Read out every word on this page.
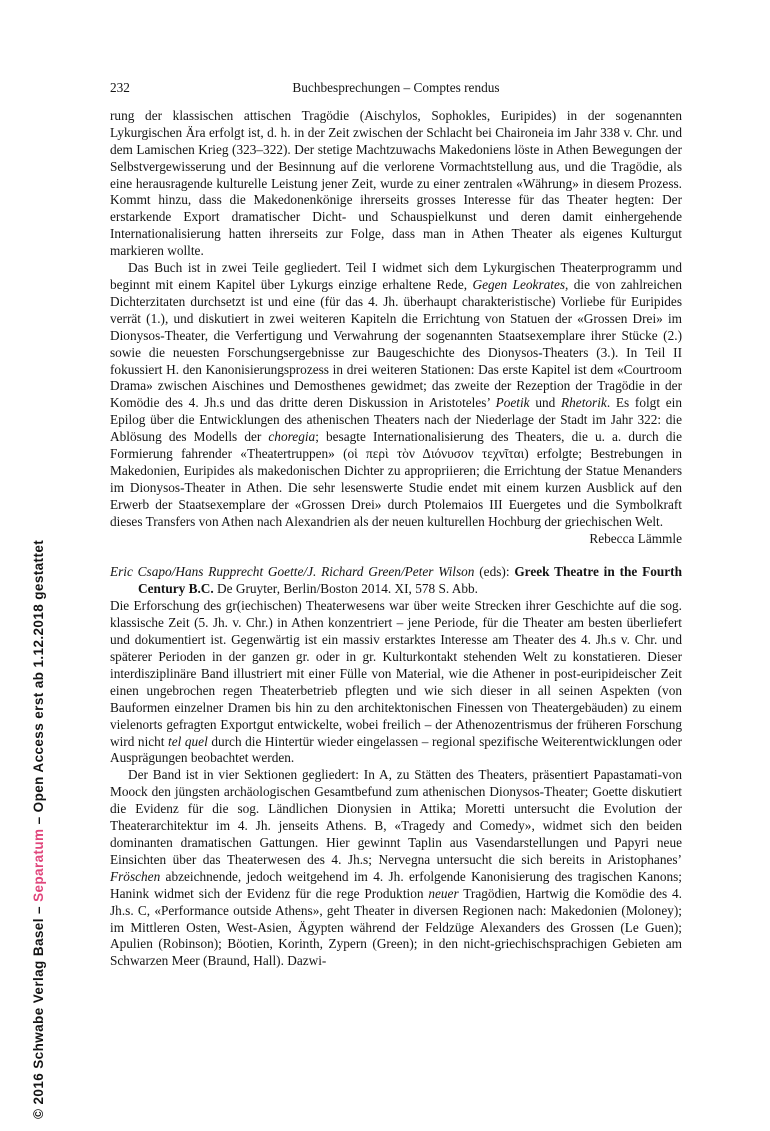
© 2016 Schwabe Verlag Basel – Separatum – Open Access erst ab 1.12.2018 gestattet
232	Buchbesprechungen – Comptes rendus

rung der klassischen attischen Tragödie (Aischylos, Sophokles, Euripides) in der sogenannten Lykurgischen Ära erfolgt ist, d. h. in der Zeit zwischen der Schlacht bei Chaironeia im Jahr 338 v. Chr. und dem Lamischen Krieg (323–322). Der stetige Machtzuwachs Makedoniens löste in Athen Bewegungen der Selbstvergewisserung und der Besinnung auf die verlorene Vormachtstellung aus, und die Tragödie, als eine herausragende kulturelle Leistung jener Zeit, wurde zu einer zentralen «Währung» in diesem Prozess. Kommt hinzu, dass die Makedonenkönige ihrerseits grosses Interesse für das Theater hegten: Der erstarkende Export dramatischer Dicht- und Schauspielkunst und deren damit einhergehende Internationalisierung hatten ihrerseits zur Folge, dass man in Athen Theater als eigenes Kulturgut markieren wollte.

Das Buch ist in zwei Teile gegliedert. Teil I widmet sich dem Lykurgischen Theaterprogramm und beginnt mit einem Kapitel über Lykurgs einzige erhaltene Rede, Gegen Leokrates, die von zahlreichen Dichterzitaten durchsetzt ist und eine (für das 4. Jh. überhaupt charakteristische) Vorliebe für Euripides verrät (1.), und diskutiert in zwei weiteren Kapiteln die Errichtung von Statuen der «Grossen Drei» im Dionysos-Theater, die Verfertigung und Verwahrung der sogenannten Staatsexemplare ihrer Stücke (2.) sowie die neuesten Forschungsergebnisse zur Baugeschichte des Dionysos-Theaters (3.). In Teil II fokussiert H. den Kanonisierungsprozess in drei weiteren Stationen: Das erste Kapitel ist dem «Courtroom Drama» zwischen Aischines und Demosthenes gewidmet; das zweite der Rezeption der Tragödie in der Komödie des 4. Jh.s und das dritte deren Diskussion in Aristoteles’ Poetik und Rhetorik. Es folgt ein Epilog über die Entwicklungen des athenischen Theaters nach der Niederlage der Stadt im Jahr 322: die Ablösung des Modells der choregia; besagte Internationalisierung des Theaters, die u. a. durch die Formierung fahrender «Theatertruppen» (οἱ περὶ τὸν Διόνυσον τεχνῖται) erfolgte; Bestrebungen in Makedonien, Euripides als makedonischen Dichter zu appropriieren; die Errichtung der Statue Menanders im Dionysos-Theater in Athen. Die sehr lesenswerte Studie endet mit einem kurzen Ausblick auf den Erwerb der Staatsexemplare der «Grossen Drei» durch Ptolemaios III Euergetes und die Symbolkraft dieses Transfers von Athen nach Alexandrien als der neuen kulturellen Hochburg der griechischen Welt.

Rebecca Lämmle

Eric Csapo/Hans Rupprecht Goette/J. Richard Green/Peter Wilson (eds): Greek Theatre in the Fourth Century B.C. De Gruyter, Berlin/Boston 2014. XI, 578 S. Abb.

Die Erforschung des gr(iechischen) Theaterwesens war über weite Strecken ihrer Geschichte auf die sog. klassische Zeit (5. Jh. v. Chr.) in Athen konzentriert – jene Periode, für die Theater am besten überliefert und dokumentiert ist. Gegenwärtig ist ein massiv erstarktes Interesse am Theater des 4. Jh.s v. Chr. und späterer Perioden in der ganzen gr. oder in gr. Kulturkontakt stehenden Welt zu konstatieren. Dieser interdisziplinäre Band illustriert mit einer Fülle von Material, wie die Athener in post-euripideischer Zeit einen ungebrochen regen Theaterbetrieb pflegten und wie sich dieser in all seinen Aspekten (von Bauformen einzelner Dramen bis hin zu den architektonischen Finessen von Theatergebäuden) zu einem vielenorts gefragten Exportgut entwickelte, wobei freilich – der Athenozentrismus der früheren Forschung wird nicht tel quel durch die Hintertür wieder eingelassen – regional spezifische Weiterentwicklungen oder Ausprägungen beobachtet werden.

Der Band ist in vier Sektionen gegliedert: In A, zu Stätten des Theaters, präsentiert Papastamati-von Moock den jüngsten archäologischen Gesamtbefund zum athenischen Dionysos-Theater; Goette diskutiert die Evidenz für die sog. Ländlichen Dionysien in Attika; Moretti untersucht die Evolution der Theaterarchitektur im 4. Jh. jenseits Athens. B, «Tragedy and Comedy», widmet sich den beiden dominanten dramatischen Gattungen. Hier gewinnt Taplin aus Vasendarstellungen und Papyri neue Einsichten über das Theaterwesen des 4. Jh.s; Nervegna untersucht die sich bereits in Aristophanes’ Fröschen abzeichnende, jedoch weitgehend im 4. Jh. erfolgende Kanonisierung des tragischen Kanons; Hanink widmet sich der Evidenz für die rege Produktion neuer Tragödien, Hartwig die Komödie des 4. Jh.s. C, «Performance outside Athens», geht Theater in diversen Regionen nach: Makedonien (Moloney); im Mittleren Osten, West-Asien, Ägypten während der Feldzüge Alexanders des Grossen (Le Guen); Apulien (Robinson); Böotien, Korinth, Zypern (Green); in den nicht-griechischsprachigen Gebieten am Schwarzen Meer (Braund, Hall). Dazwi-
